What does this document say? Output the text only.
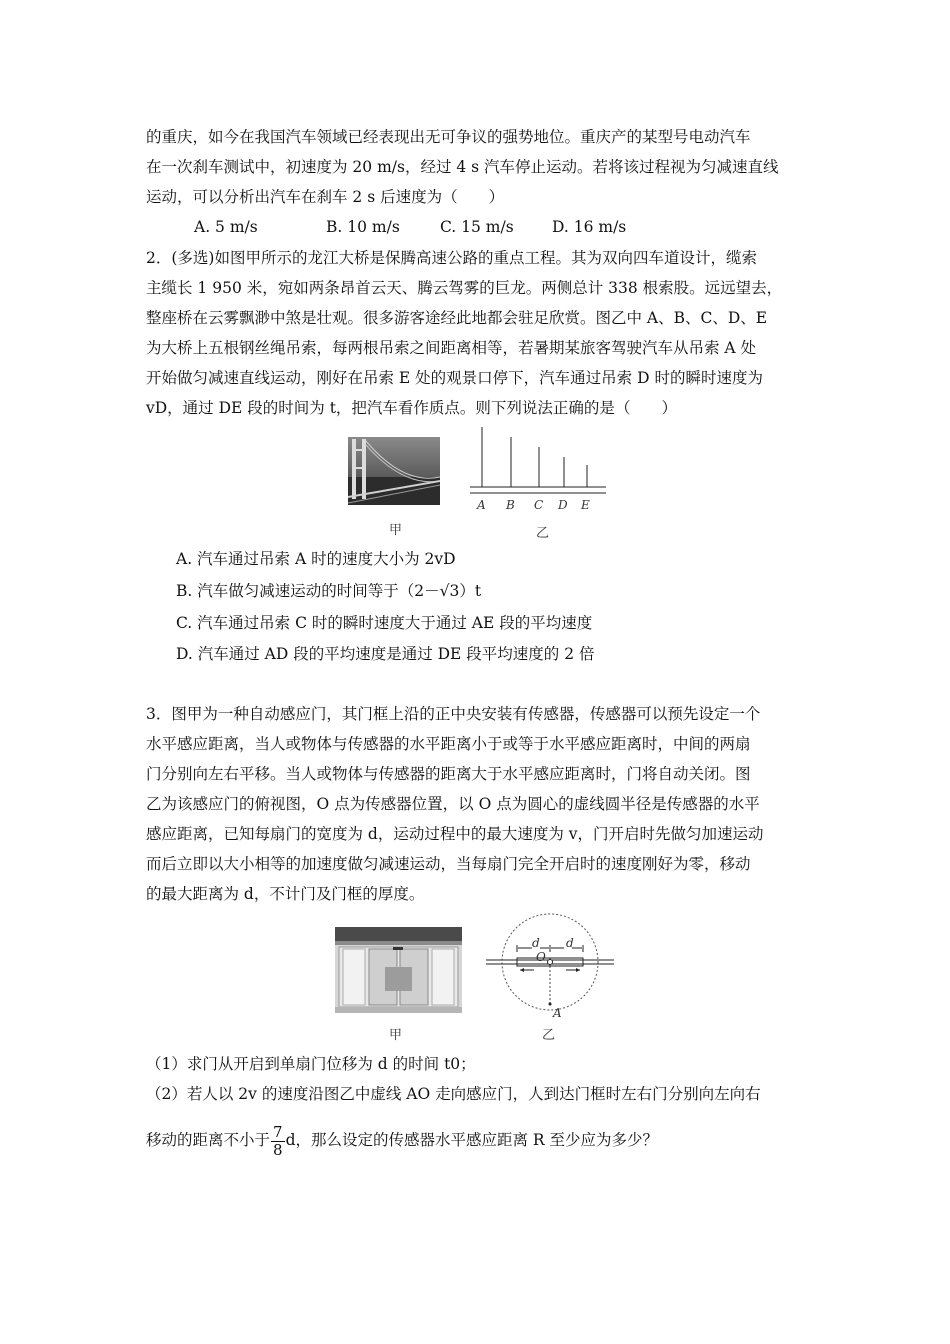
的重庆，如今在我国汽车领域已经表现出无可争议的强势地位。重庆产的某型号电动汽车
在一次刹车测试中，初速度为 20 m/s，经过 4 s 汽车停止运动。若将该过程视为匀减速直线
运动，可以分析出汽车在刹车 2 s 后速度为（　　）
A. 5 m/s	B. 10 m/s	C. 15 m/s D. 16 m/s
2．(多选)如图甲所示的龙江大桥是保腾高速公路的重点工程。其为双向四车道设计，缆索
主缆长 1 950 米，宛如两条昂首云天、腾云驾雾的巨龙。两侧总计 338 根索股。远远望去，
整座桥在云雾飘渺中煞是壮观。很多游客途经此地都会驻足欣赏。图乙中 A、B、C、D、E
为大桥上五根钢丝绳吊索，每两根吊索之间距离相等，若暑期某旅客驾驶汽车从吊索 A 处
开始做匀减速直线运动，刚好在吊索 E 处的观景口停下，汽车通过吊索 D 时的瞬时速度为
vD，通过 DE 段的时间为 t，把汽车看作质点。则下列说法正确的是（　　）
甲
A B C D E
乙
A. 汽车通过吊索 A 时的速度大小为 2vD
B. 汽车做匀减速运动的时间等于（2－√3）t
C. 汽车通过吊索 C 时的瞬时速度大于通过 AE 段的平均速度
D. 汽车通过 AD 段的平均速度是通过 DE 段平均速度的 2 倍
3．图甲为一种自动感应门，其门框上沿的正中央安装有传感器，传感器可以预先设定一个
水平感应距离，当人或物体与传感器的水平距离小于或等于水平感应距离时，中间的两扇
门分别向左右平移。当人或物体与传感器的距离大于水平感应距离时，门将自动关闭。图
乙为该感应门的俯视图，O 点为传感器位置，以 O 点为圆心的虚线圆半径是传感器的水平
感应距离，已知每扇门的宽度为 d，运动过程中的最大速度为 v，门开启时先做匀加速运动
而后立即以大小相等的加速度做匀减速运动，当每扇门完全开启时的速度刚好为零，移动
的最大距离为 d，不计门及门框的厚度。
甲
d d
O
A
乙
（1）求门从开启到单扇门位移为 d 的时间 t0；
（2）若人以 2v 的速度沿图乙中虚线 AO 走向感应门，人到达门框时左右门分别向左向右
移动的距离不小于 $\frac{7}{8}$ d，那么设定的传感器水平感应距离 R 至少应为多少？
